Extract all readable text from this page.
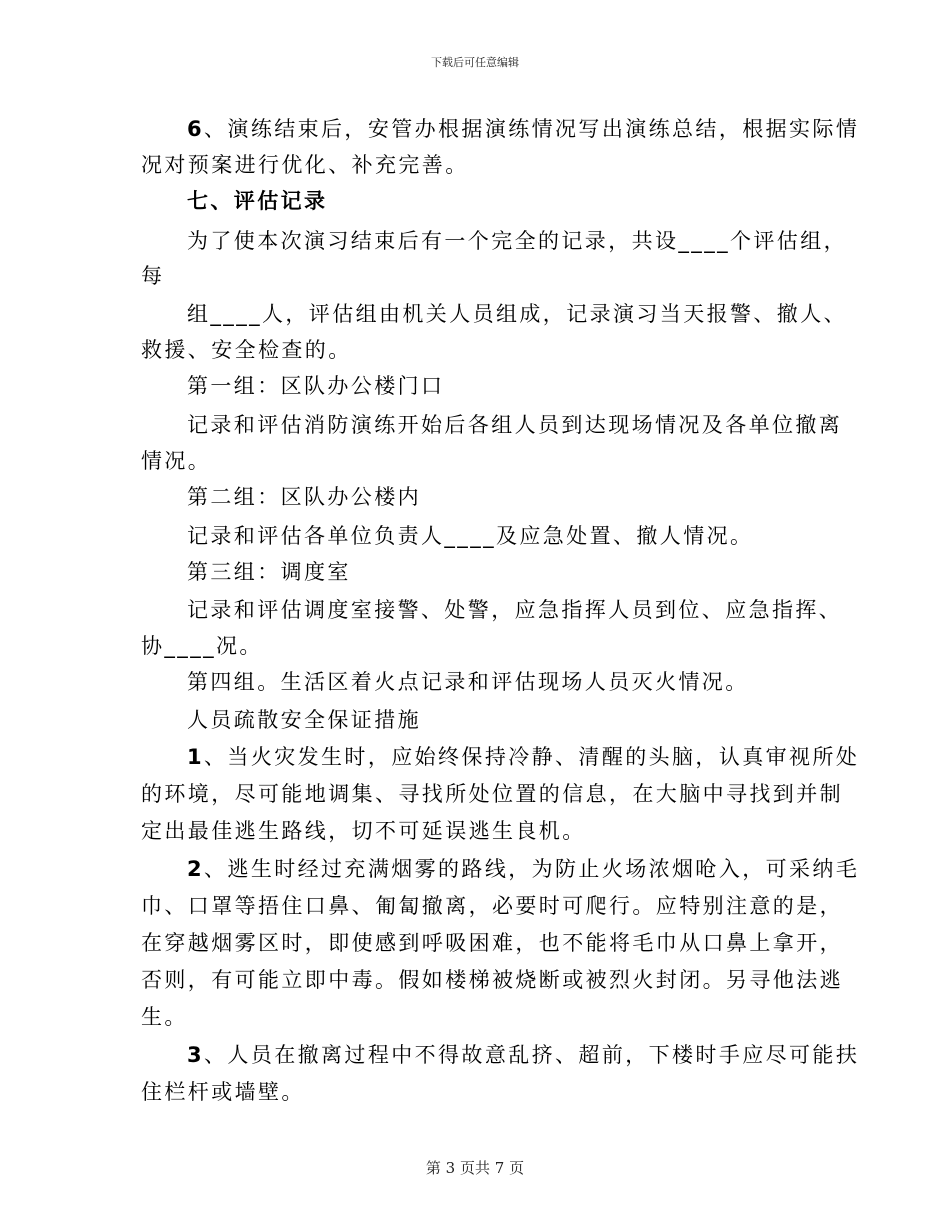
下载后可任意编辑
6、演练结束后，安管办根据演练情况写出演练总结，根据实际情
况对预案进行优化、补充完善。
七、评估记录
为了使本次演习结束后有一个完全的记录，共设____个评估组，
每
组____人，评估组由机关人员组成，记录演习当天报警、撤人、
救援、安全检查的。
第一组：区队办公楼门口
记录和评估消防演练开始后各组人员到达现场情况及各单位撤离
情况。
第二组：区队办公楼内
记录和评估各单位负责人____及应急处置、撤人情况。
第三组：调度室
记录和评估调度室接警、处警，应急指挥人员到位、应急指挥、
协____况。
第四组。生活区着火点记录和评估现场人员灭火情况。
人员疏散安全保证措施
1、当火灾发生时，应始终保持冷静、清醒的头脑，认真审视所处
的环境，尽可能地调集、寻找所处位置的信息，在大脑中寻找到并制
定出最佳逃生路线，切不可延误逃生良机。
2、逃生时经过充满烟雾的路线，为防止火场浓烟呛入，可采纳毛
巾、口罩等捂住口鼻、匍匐撤离，必要时可爬行。应特别注意的是，
在穿越烟雾区时，即使感到呼吸困难，也不能将毛巾从口鼻上拿开，
否则，有可能立即中毒。假如楼梯被烧断或被烈火封闭。另寻他法逃
生。
3、人员在撤离过程中不得故意乱挤、超前，下楼时手应尽可能扶
住栏杆或墙壁。
第 3 页共 7 页
